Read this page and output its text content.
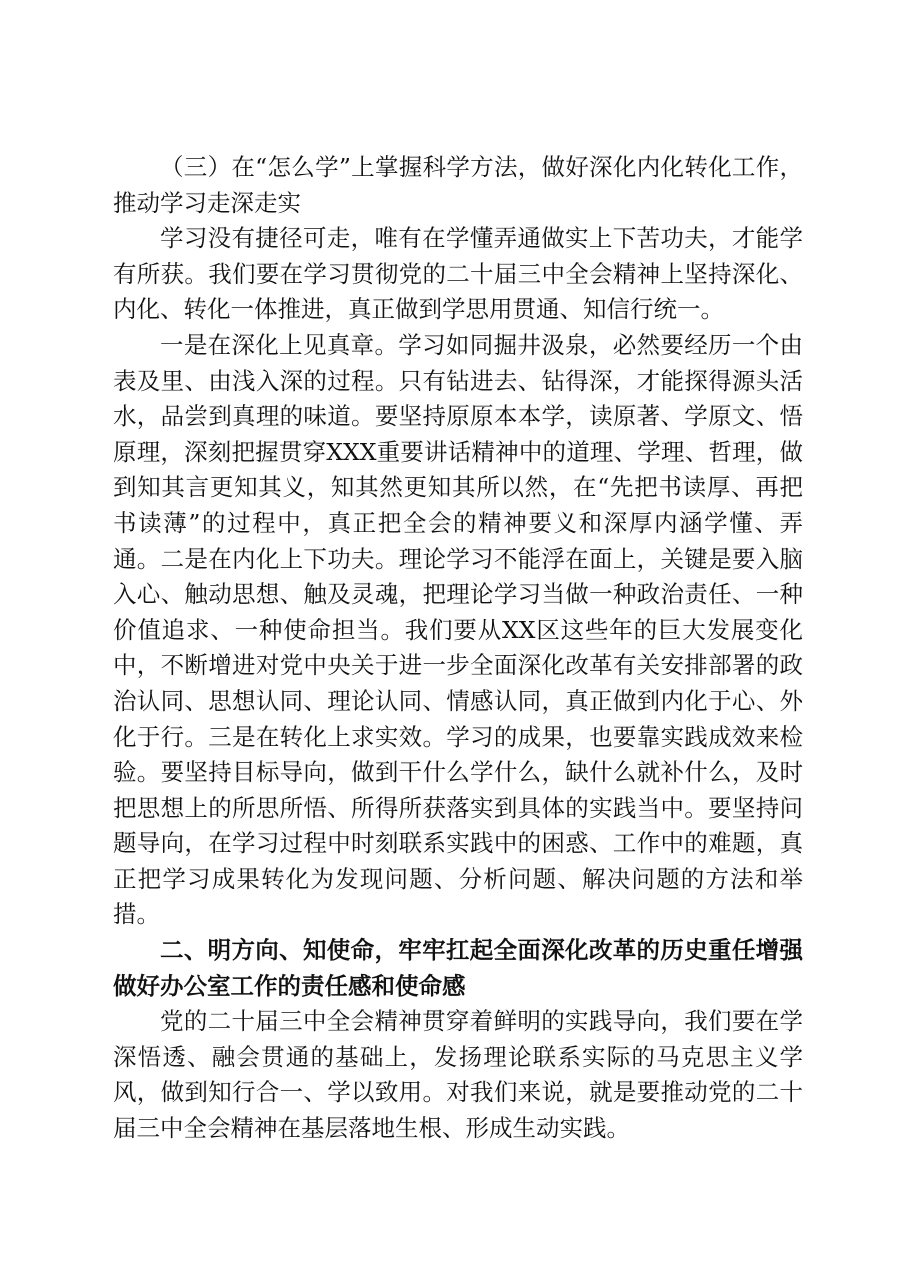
（三）在“怎么学”上掌握科学方法，做好深化内化转化工作，推动学习走深走实

学习没有捷径可走，唯有在学懂弄通做实上下苦功夫，才能学有所获。我们要在学习贯彻党的二十届三中全会精神上坚持深化、内化、转化一体推进，真正做到学思用贯通、知信行统一。

一是在深化上见真章。学习如同掘井汲泉，必然要经历一个由表及里、由浅入深的过程。只有钻进去、钻得深，才能探得源头活水，品尝到真理的味道。要坚持原原本本学，读原著、学原文、悟原理，深刻把握贯穿XXX重要讲话精神中的道理、学理、哲理，做到知其言更知其义，知其然更知其所以然，在“先把书读厚、再把书读薄”的过程中，真正把全会的精神要义和深厚内涵学懂、弄通。二是在内化上下功夫。理论学习不能浮在面上，关键是要入脑入心、触动思想、触及灵魂，把理论学习当做一种政治责任、一种价值追求、一种使命担当。我们要从XX区这些年的巨大发展变化中，不断增进对党中央关于进一步全面深化改革有关安排部署的政治认同、思想认同、理论认同、情感认同，真正做到内化于心、外化于行。三是在转化上求实效。学习的成果，也要靠实践成效来检验。要坚持目标导向，做到干什么学什么，缺什么就补什么，及时把思想上的所思所悟、所得所获落实到具体的实践当中。要坚持问题导向，在学习过程中时刻联系实践中的困惑、工作中的难题，真正把学习成果转化为发现问题、分析问题、解决问题的方法和举措。

二、明方向、知使命，牢牢扛起全面深化改革的历史重任增强做好办公室工作的责任感和使命感

党的二十届三中全会精神贯穿着鲜明的实践导向，我们要在学深悟透、融会贯通的基础上，发扬理论联系实际的马克思主义学风，做到知行合一、学以致用。对我们来说，就是要推动党的二十届三中全会精神在基层落地生根、形成生动实践。
